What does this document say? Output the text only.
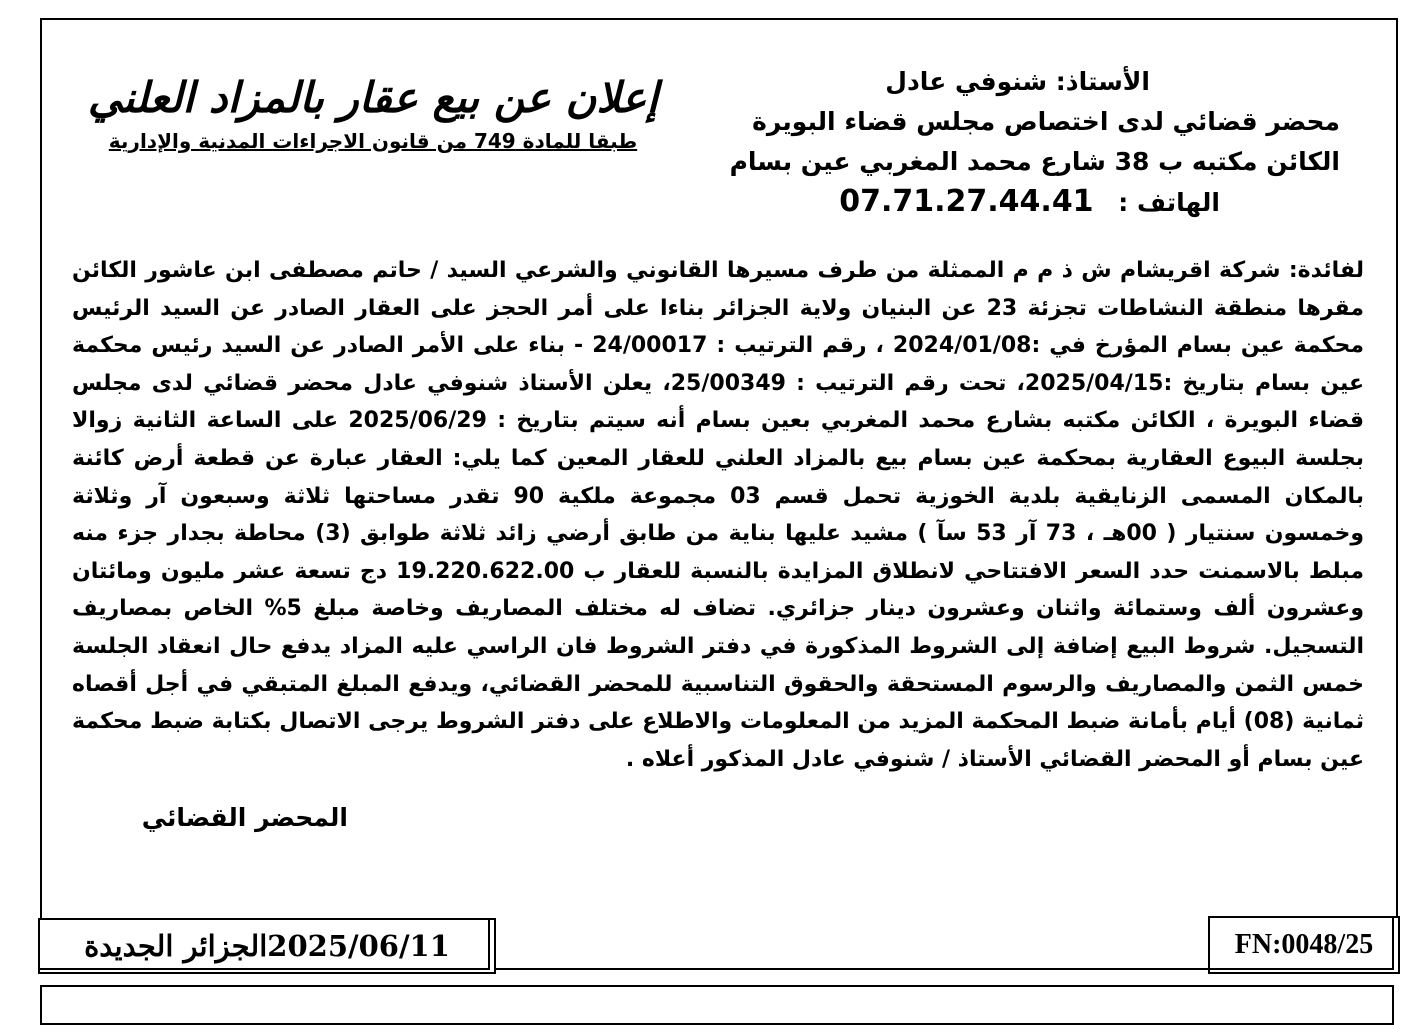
الأستاذ: شنوفي عادل
محضر قضائي لدى اختصاص مجلس قضاء البويرة
الكائن مكتبه ب 38 شارع محمد المغربي عين بسام
الهاتف : 07.71.27.44.41
إعلان عن بيع عقار بالمزاد العلني
طبقا للمادة 749 من قانون الاجراءات المدنية والإدارية
لفائدة: شركة اقريشام ش ذ م م الممثلة من طرف مسيرها القانوني والشرعي السيد / حاتم مصطفى ابن عاشور الكائن مقرها منطقة النشاطات تجزئة 23 عن البنيان ولاية الجزائر بناءا على أمر الحجز على العقار الصادر عن السيد الرئيس محكمة عين بسام المؤرخ في :2024/01/08 ، رقم الترتيب : 24/00017 - بناء على الأمر الصادر عن السيد رئيس محكمة عين بسام بتاريخ :2025/04/15، تحت رقم الترتيب : 25/00349، يعلن الأستاذ شنوفي عادل محضر قضائي لدى مجلس قضاء البويرة ، الكائن مكتبه بشارع محمد المغربي بعين بسام أنه سيتم بتاريخ : 2025/06/29 على الساعة الثانية زوالا بجلسة البيوع العقارية بمحكمة عين بسام بيع بالمزاد العلني للعقار المعين كما يلي: العقار عبارة عن قطعة أرض كائنة بالمكان المسمى الزنايقية بلدية الخوزية تحمل قسم 03 مجموعة ملكية 90 تقدر مساحتها ثلاثة وسبعون آر وثلاثة وخمسون سنتيار ( 00هـ ، 73 آر 53 سآ ) مشيد عليها بناية من طابق أرضي زائد ثلاثة طوابق (3) محاطة بجدار جزء منه مبلط بالاسمنت حدد السعر الافتتاحي لانطلاق المزايدة بالنسبة للعقار ب 19.220.622.00 دج تسعة عشر مليون ومائتان وعشرون ألف وستمائة واثنان وعشرون دينار جزائري. تضاف له مختلف المصاريف وخاصة مبلغ 5% الخاص بمصاريف التسجيل. شروط البيع إضافة إلى الشروط المذكورة في دفتر الشروط فان الراسي عليه المزاد يدفع حال انعقاد الجلسة خمس الثمن والمصاريف والرسوم المستحقة والحقوق التناسبية للمحضر القضائي، ويدفع المبلغ المتبقي في أجل أقصاه ثمانية (08) أيام بأمانة ضبط المحكمة المزيد من المعلومات والاطلاع على دفتر الشروط يرجى الاتصال بكتابة ضبط محكمة عين بسام أو المحضر القضائي الأستاذ / شنوفي عادل المذكور أعلاه .
المحضر القضائي
الجزائر الجديدة 2025/06/11	FN:0048/25
